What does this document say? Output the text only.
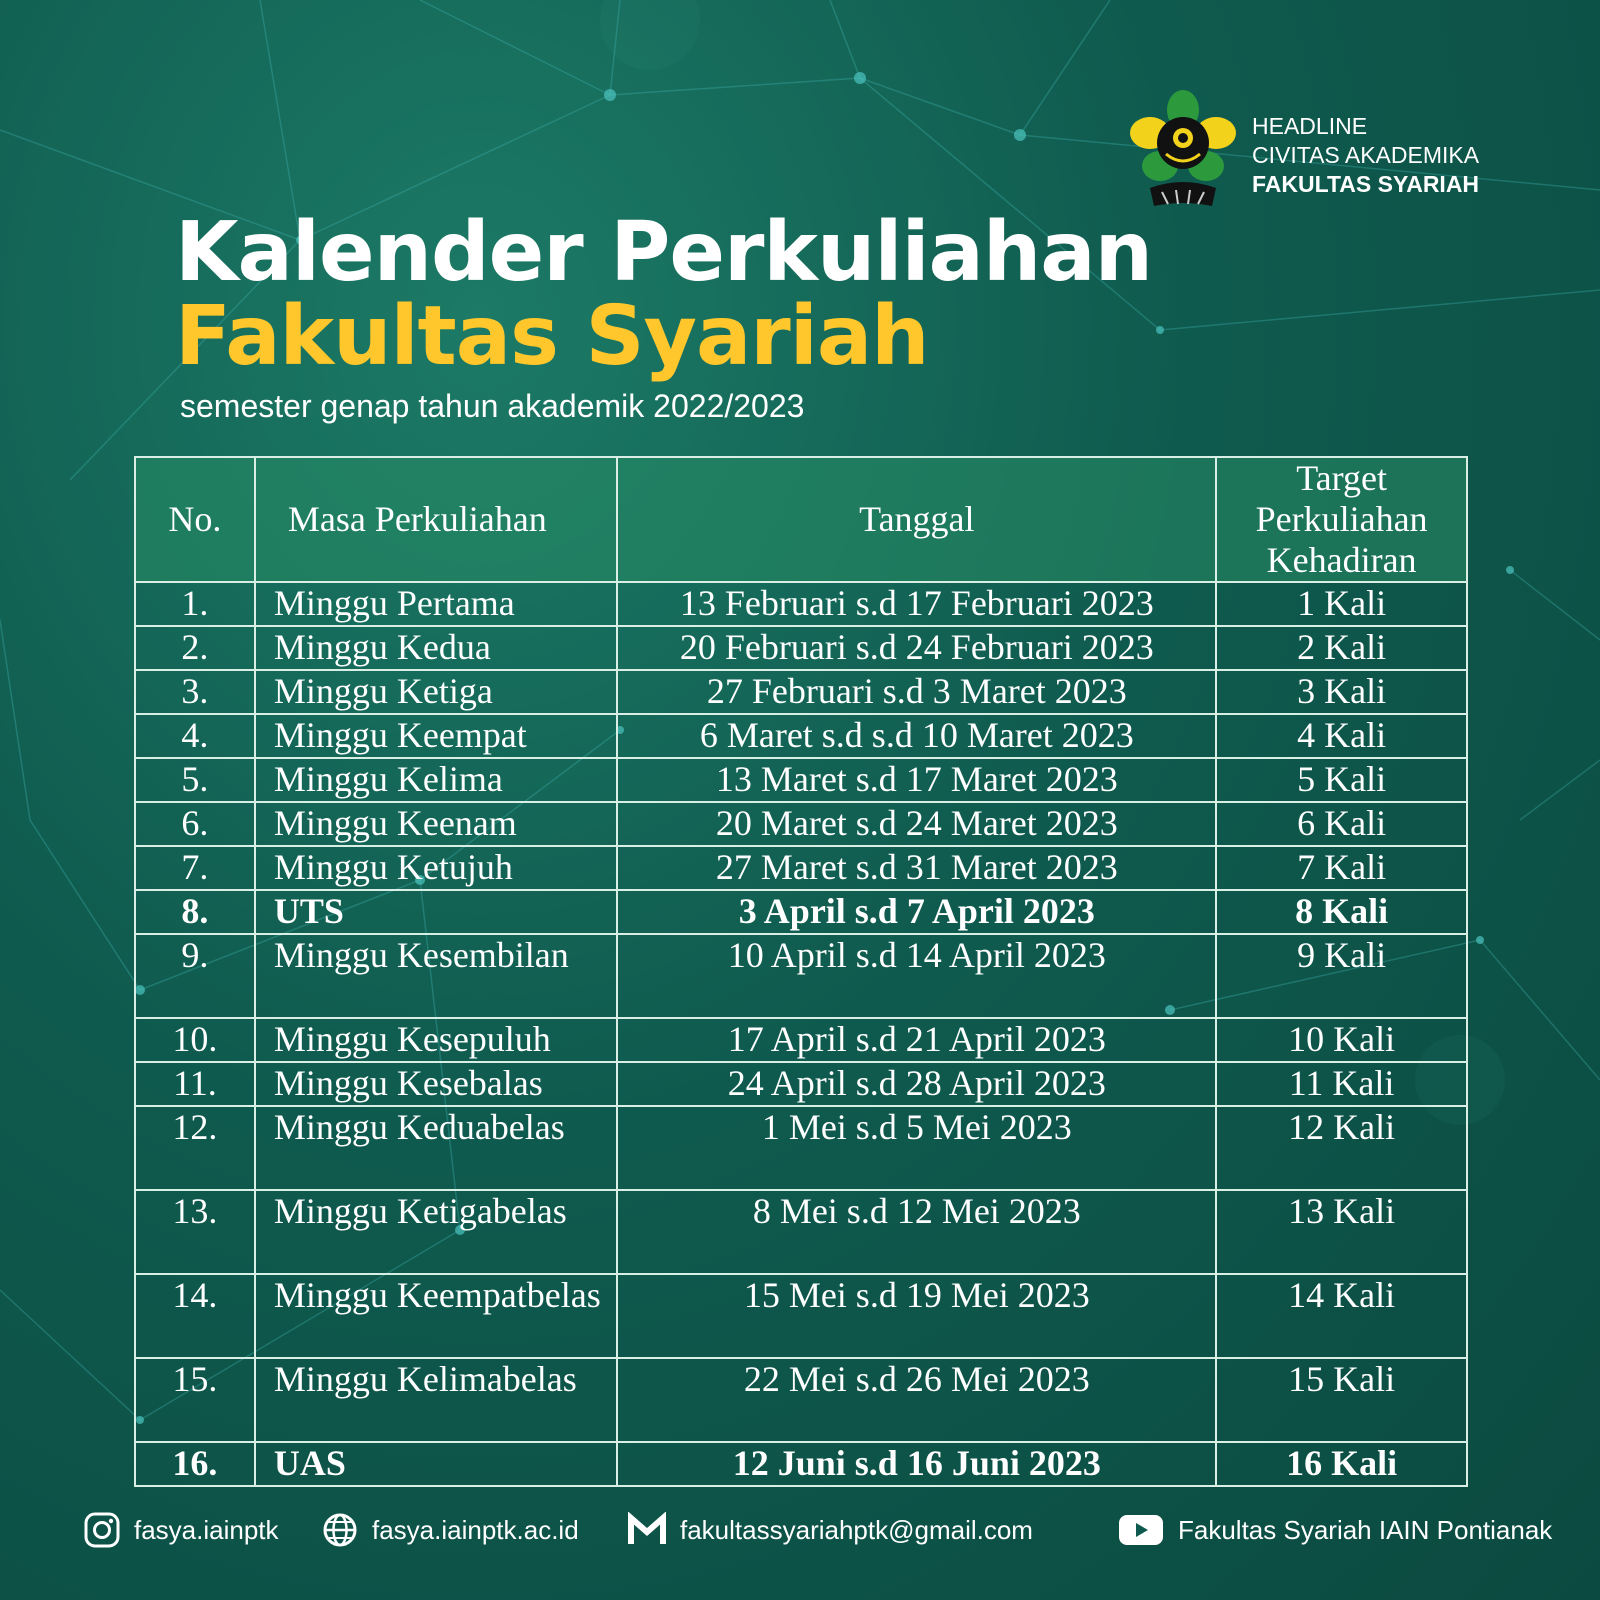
HEADLINE
CIVITAS AKADEMIKA
FAKULTAS SYARIAH
Kalender Perkuliahan
Fakultas Syariah
semester genap tahun akademik 2022/2023
No.	Masa Perkuliahan	Tanggal	Target
Perkuliahan
Kehadiran

1.	Minggu Pertama	13 Februari s.d 17 Februari 2023	1 Kali
2.	Minggu Kedua	20 Februari s.d 24 Februari 2023	2 Kali
3.	Minggu Ketiga	27 Februari s.d 3 Maret 2023	3 Kali
4.	Minggu Keempat	6 Maret s.d s.d 10 Maret 2023	4 Kali
5.	Minggu Kelima	13 Maret s.d 17 Maret 2023	5 Kali
6.	Minggu Keenam	20 Maret s.d 24 Maret 2023	6 Kali
7.	Minggu Ketujuh	27 Maret s.d 31 Maret 2023	7 Kali
8.	UTS	3 April s.d 7 April 2023	8 Kali
9.	Minggu Kesembilan	10 April s.d 14 April 2023	9 Kali
10.	Minggu Kesepuluh	17 April s.d 21 April 2023	10 Kali
11.	Minggu Kesebalas	24 April s.d 28 April 2023	11 Kali
12.	Minggu Keduabelas	1 Mei s.d 5 Mei 2023	12 Kali
13.	Minggu Ketigabelas	8 Mei s.d 12 Mei 2023	13 Kali
14.	Minggu Keempatbelas	15 Mei s.d 19 Mei 2023	14 Kali
15.	Minggu Kelimabelas	22 Mei s.d 26 Mei 2023	15 Kali
16.	UAS	12 Juni s.d 16 Juni 2023	16 Kali
fasya.iainptk	fasya.iainptk.ac.id	fakultassyariahptk@gmail.com	Fakultas Syariah IAIN Pontianak
